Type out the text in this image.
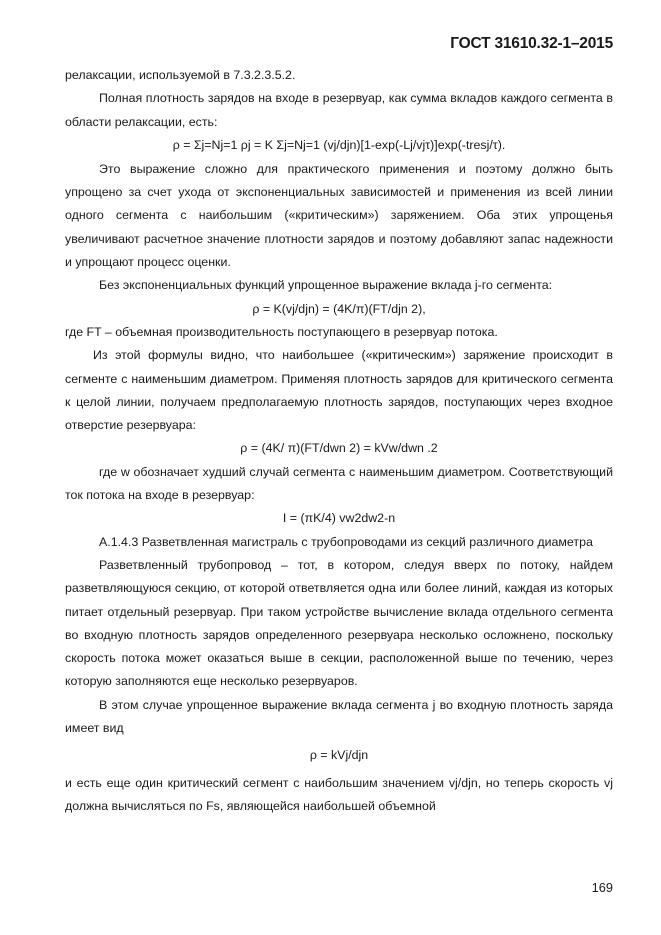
ГОСТ 31610.32-1–2015

релаксации, используемой в 7.3.2.3.5.2.

Полная плотность зарядов на входе в резервуар, как сумма вкладов каждого сегмента в области релаксации, есть:

ρ = Σj=Nj=1 ρj = K Σj=Nj=1 (vj/djn)[1-exp(-Lj/vjτ)]exp(-tresj/τ).

Это выражение сложно для практического применения и поэтому должно быть упрощено за счет ухода от экспоненциальных зависимостей и применения из всей линии одного сегмента с наибольшим («критическим») заряжением. Оба этих упрощенья увеличивают расчетное значение плотности зарядов и поэтому добавляют запас надежности и упрощают процесс оценки.

Без экспоненциальных функций упрощенное выражение вклада j-го сегмента:

ρ = K(vj/djn) = (4K/π)(FT/djn 2),

где FT – объемная производительность поступающего в резервуар потока.

Из этой формулы видно, что наибольшее («критическим») заряжение происходит в сегменте с наименьшим диаметром. Применяя плотность зарядов для критического сегмента к целой линии, получаем предполагаемую плотность зарядов, поступающих через входное отверстие резервуара:

ρ = (4K/ π)(FT/dwn 2) = kVw/dwn .2

где w обозначает худший случай сегмента с наименьшим диаметром. Соответствующий ток потока на входе в резервуар:

I = (πK/4) vw2dw2-n

А.1.4.3 Разветвленная магистраль с трубопроводами из секций различного диаметра

Разветвленный трубопровод – тот, в котором, следуя вверх по потоку, найдем разветвляющуюся секцию, от которой ответвляется одна или более линий, каждая из которых питает отдельный резервуар. При таком устройстве вычисление вклада отдельного сегмента во входную плотность зарядов определенного резервуара несколько осложнено, поскольку скорость потока может оказаться выше в секции, расположенной выше по течению, через которую заполняются еще несколько резервуаров.

В этом случае упрощенное выражение вклада сегмента j во входную плотность заряда имеет вид

ρ = kVj/djn

и есть еще один критический сегмент с наибольшим значением vj/djn, но теперь скорость vj должна вычисляться по Fs, являющейся наибольшей объемной

169
